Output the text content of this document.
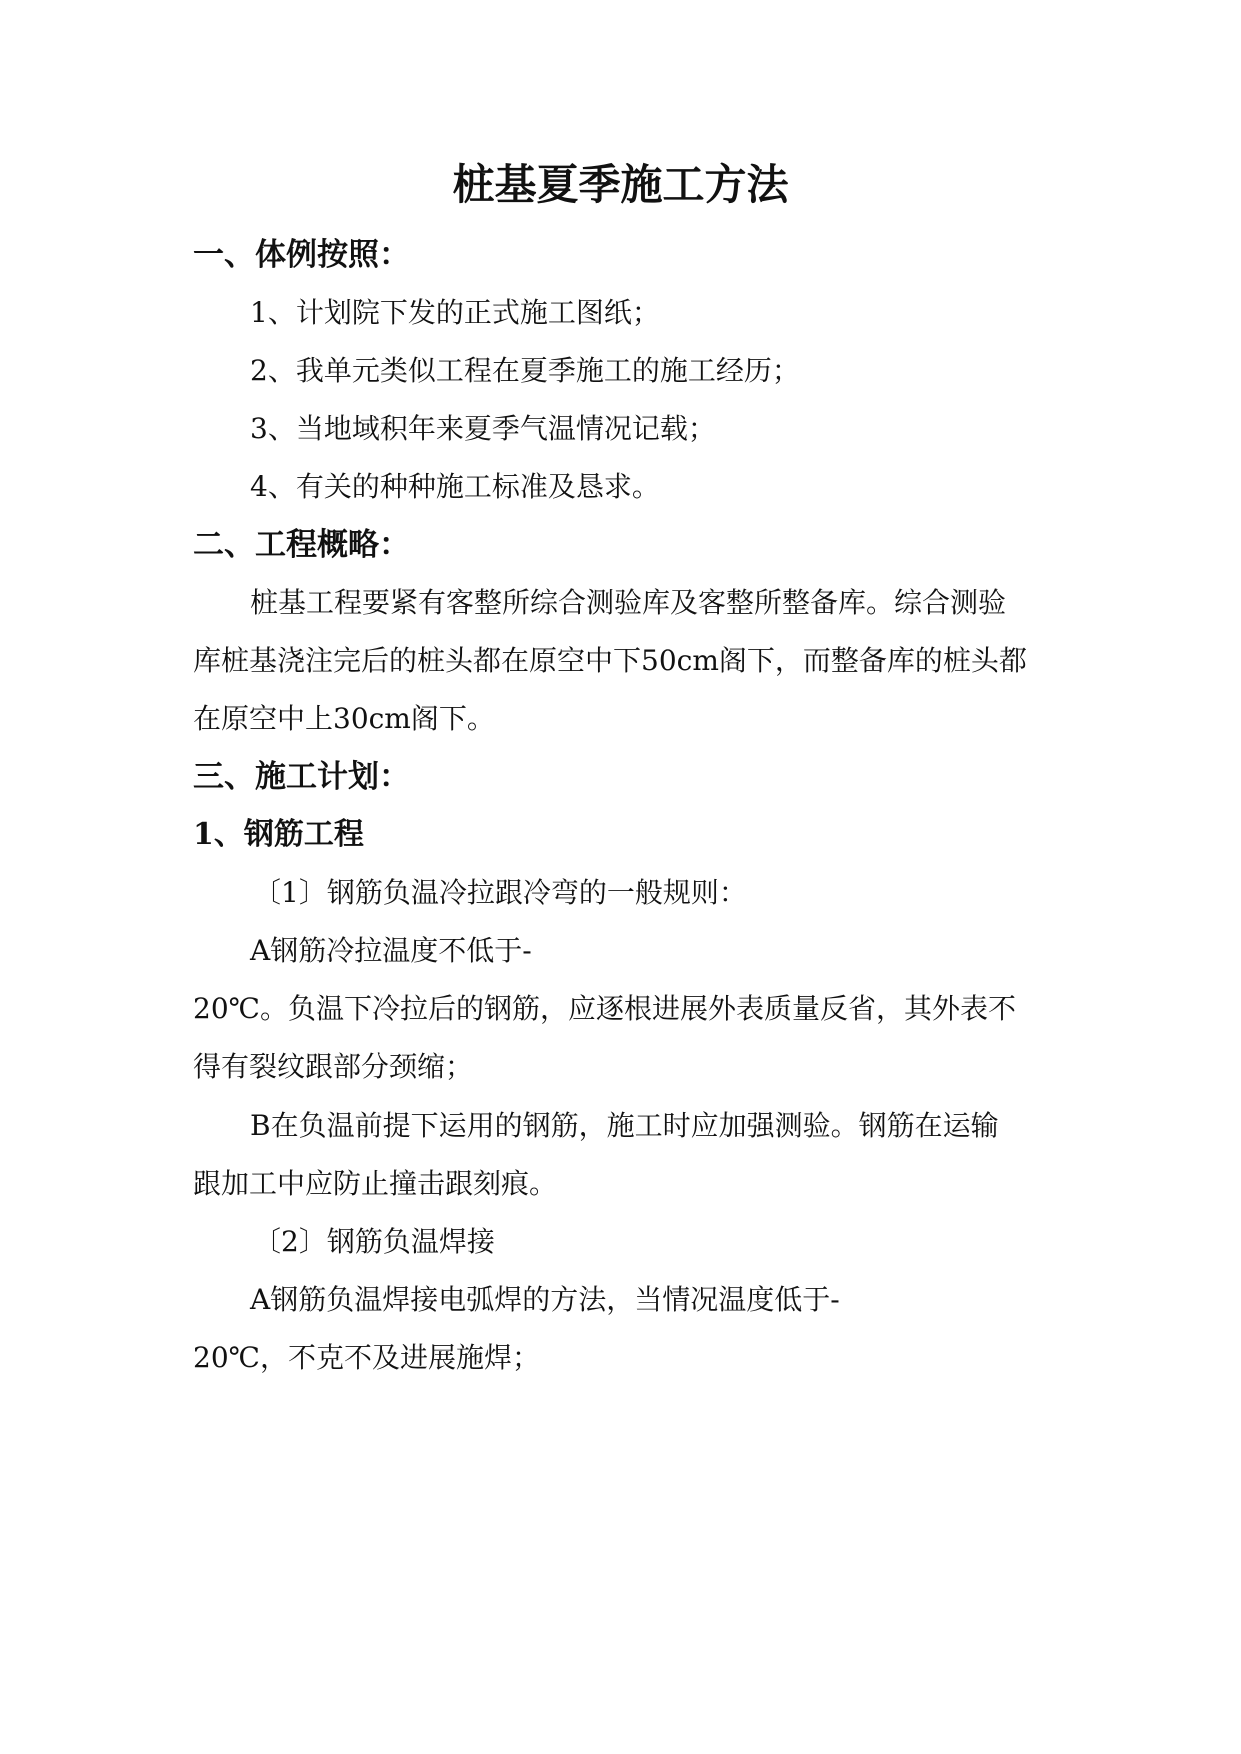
桩基夏季施工方法
一、体例按照：
1、计划院下发的正式施工图纸；
2、我单元类似工程在夏季施工的施工经历；
3、当地域积年来夏季气温情况记载；
4、有关的种种施工标准及恳求。
二、工程概略：
桩基工程要紧有客整所综合测验库及客整所整备库。综合测验
库桩基浇注完后的桩头都在原空中下50cm阁下，而整备库的桩头都
在原空中上30cm阁下。
三、施工计划：
1、钢筋工程
〔1〕钢筋负温冷拉跟冷弯的一般规则：
A钢筋冷拉温度不低于-
20℃。负温下冷拉后的钢筋，应逐根进展外表质量反省，其外表不
得有裂纹跟部分颈缩；
B在负温前提下运用的钢筋，施工时应加强测验。钢筋在运输
跟加工中应防止撞击跟刻痕。
〔2〕钢筋负温焊接
A钢筋负温焊接电弧焊的方法，当情况温度低于-
20℃，不克不及进展施焊；
